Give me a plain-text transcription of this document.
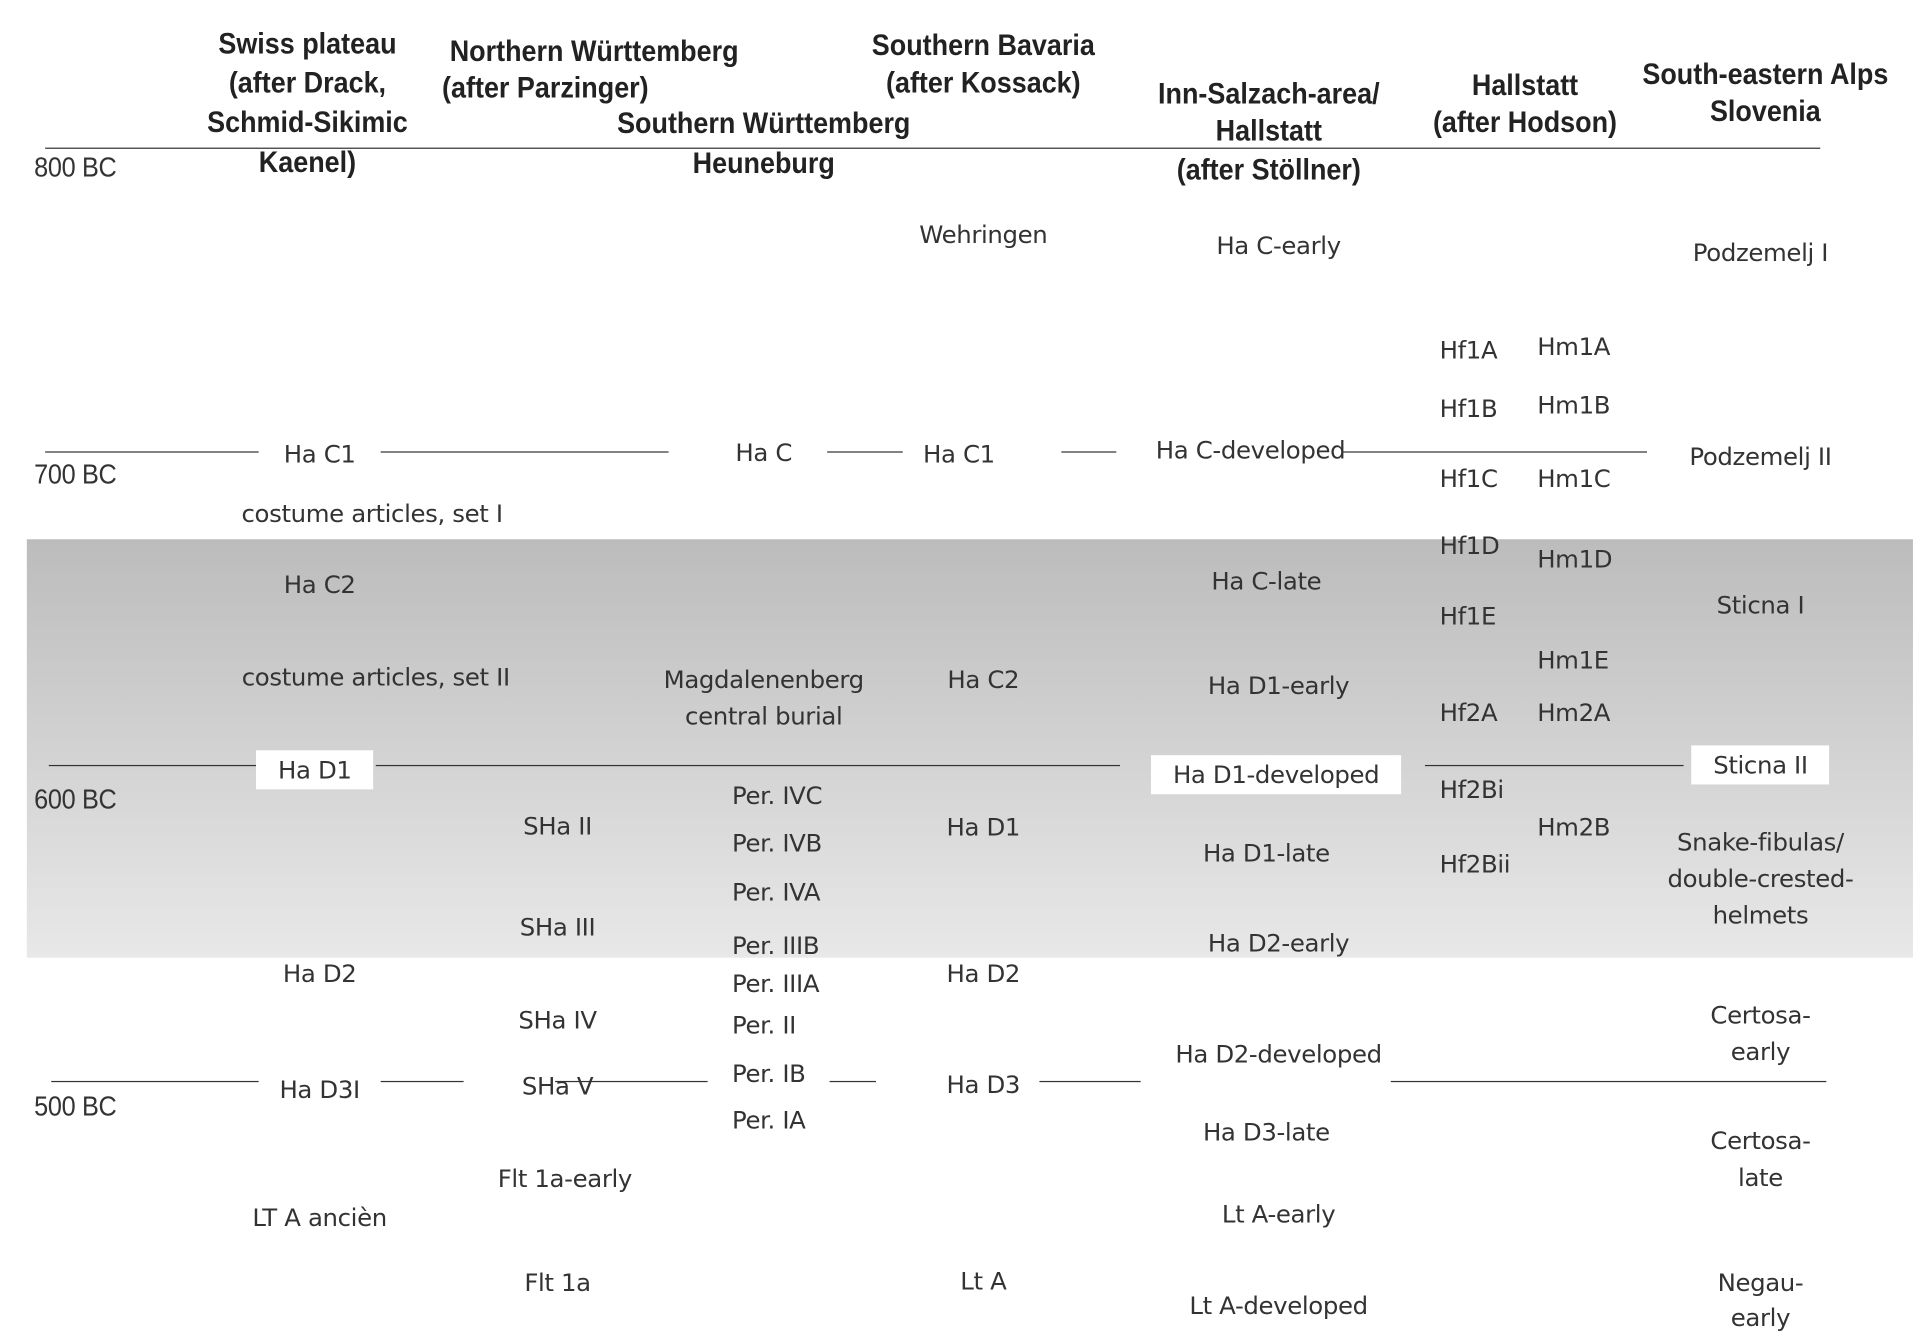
Swiss plateau
(after Drack,
Schmid-Sikimic
Kaenel)
Northern Württemberg
(after Parzinger)
Southern Württemberg
Heuneburg
Southern Bavaria
(after Kossack)	Inn-Salzach-area/
Hallstatt
(after Stöllner)
Hallstatt
(after Hodson)
South-eastern Alps
Slovenia
800 BC
700 BC
600 BC
500 BC
Ha C1
costume articles, set I
Ha C2
costume articles, set II
Ha D1
Ha D2
Ha D3I
LT A ancièn
SHa II
SHa III
SHa IV
SHa V
Flt 1a-early
Flt 1a
Ha C
Magdalenenberg
central burial
Per. IVC
Per. IVB
Per. IVA
Per. IIIB
Per. IIIA
Per. II
Per. IB
Per. IA
Wehringen
Ha C1
Ha C2
Ha D1
Ha D2
Ha D3
Lt A
Ha C-early
Ha C-developed
Ha C-late
Ha D1-early
Ha D1-developed
Ha D1-late
Ha D2-early
Ha D2-developed
Ha D3-late
Lt A-early
Lt A-developed
Hf1A
Hf1B
Hf1C
Hf1D
Hf1E
Hf2A
Hf2Bi
Hf2Bii
Hm1A
Hm1B
Hm1C
Hm1D
Hm1E
Hm2A
Hm2B
Podzemelj I
Podzemelj II
Sticna I
Sticna II
Snake-fibulas/
double-crested-
helmets
Certosa-
early
Certosa-
late
Negau-
early
